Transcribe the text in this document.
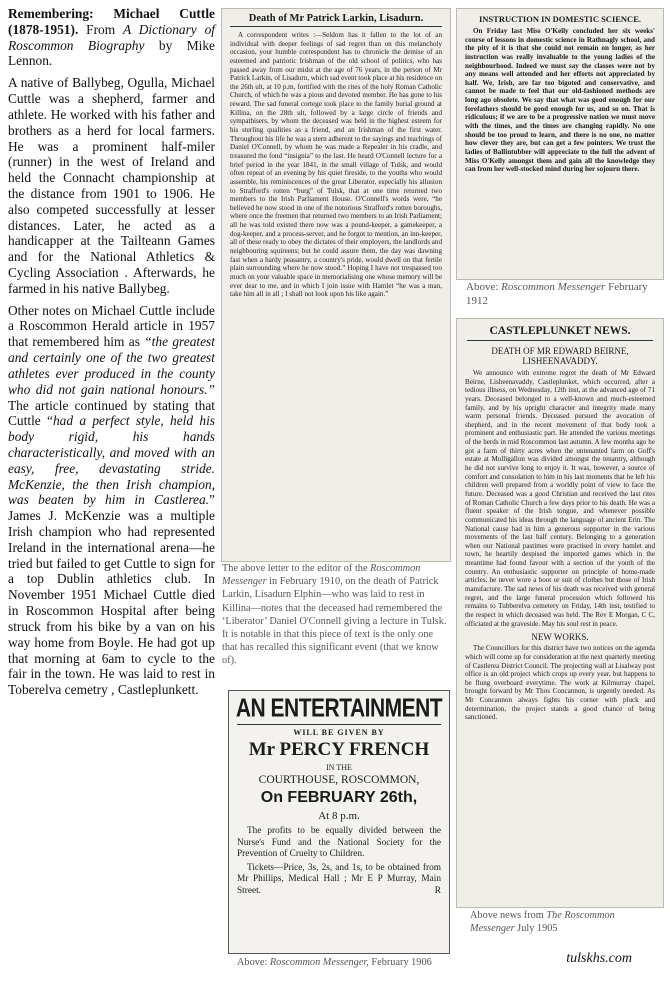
Remembering: Michael Cuttle (1878-1951). From A Dictionary of Roscommon Biography by Mike Lennon.

A native of Ballybeg, Ogulla, Michael Cuttle was a shepherd, farmer and athlete. He worked with his father and brothers as a herd for local farmers. He was a prominent half-miler (runner) in the west of Ireland and held the Connacht championship at the distance from 1901 to 1906. He also competed successfully at lesser distances. Later, he acted as a handicapper at the Tailteann Games and for the National Athletics & Cycling Association . Afterwards, he farmed in his native Ballybeg.

Other notes on Michael Cuttle include a Roscommon Herald article in 1957 that remembered him as “the greatest and certainly one of the two greatest athletes ever produced in the county who did not gain national honours.” The article continued by stating that Cuttle “had a perfect style, held his body rigid, his hands characteristically, and moved with an easy, free, devastating stride. McKenzie, the then Irish champion, was beaten by him in Castlerea.” James J. McKenzie was a multiple Irish champion who had represented Ireland in the international arena—he tried but failed to get Cuttle to sign for a top Dublin athletics club. In November 1951 Michael Cuttle died in Roscommon Hospital after being struck from his bike by a van on his way home from Boyle. He had got up that morning at 6am to cycle to the fair in the town. He was laid to rest in Toberelva cemetry , Castleplunkett.

Death of Mr Patrick Larkin, Lisadurn.

A correspondent writes :—Seldom has it fallen to the lot of an individual with deeper feelings of sad regret than on this melancholy occasion, your humble correspondent has to chronicle the demise of an esteemed and patriotic Irishman of the old school of politics, who has passed away from our midst at the age of 76 years, in the person of Mr Patrick Larkin, of Lisadurn, which sad event took place at his residence on the 26th ult, at 10 p.m, fortified with the rites of the holy Roman Catholic Church, of which he was a pious and devoted member. He has gone to his reward. The sad funeral cortege took place to the family burial ground at Killina, on the 28th ult, followed by a large circle of friends and sympathisers, by whom the deceased was held in the highest esteem for his sterling qualities as a friend, and an Irishman of the first water. Throughout his life he was a stern adherent to the sayings and teachings of Daniel O'Connell, by whom he was made a Repealer in his cradle, and treasured the fond “insignia” to the last. He heard O'Connell lecture for a brief period in the year 1841, in the small village of Tulsk, and would often repeat of an evening by his quiet fireside, to the youths who would assemble, his reminiscences of the great Liberator, especially his allusion to Strafford's rotten “burg” of Tulsk, that at one time returned two members to the Irish Parliament House. O'Connell's words were, “he believed he now stood in one of the notorious Strafford's rotten boroughs, where once the freemen that returned two members to an Irish Parliament; all he was told existed there now was a pound-keeper, a gamekeeper, a dog-keeper, and a process-server, and he forgot to mention, an inn-keeper, all of these ready to obey the dictates of their employers, the landlords and neighbouring squireens; but he could assure them, the day was dawning fast when a hardy peasantry, a country's pride, would dwell on that fertile plain surrounding where he now stood.” Hoping I have not trespassed too much on your valuable space in memorialising one whose memory will be ever dear to me, and in which I join issue with Hamlet “he was a man, take him all in all ; I shall not look upon his like again.”

The above letter to the editor of the Roscommon Messenger in February 1910, on the death of Patrick Larkin, Lisadurn Elphin—who was laid to rest in Killina—notes that the deceased had remembered the ‘Liberator’ Daniel O'Connell giving a lecture in Tulsk. It is notable in that this piece of text is the only one that has recalled this significant event (that we know of).
AN ENTERTAINMENT
WILL BE GIVEN BY
Mr PERCY FRENCH
IN THE
COURTHOUSE, ROSCOMMON,
On FEBRUARY 26th,
At 8 p.m.
The profits to be equally divided between the Nurse's Fund and the National Society for the Prevention of Cruelty to Children.
Tickets—Price, 3s, 2s, and 1s, to be obtained from Mr Phillips, Medical Hall ; Mr E P Murray, Main Street.	R
Above: Roscommon Messenger, February 1906
INSTRUCTION IN DOMESTIC SCIENCE.

On Friday last Miss O'Kelly concluded her six weeks' course of lessons in domestic science in Rathnagly school, and the pity of it is that she could not remain on longer, as her instruction was really invaluable to the young ladies of the neighbourhood. Indeed we must say the classes were not by any means well attended and her efforts not appreciated by half. We, Irish, are far too bigoted and conservative, and cannot be made to feel that our old-fashioned methods are long ago obsolete. We say that what was good enough for our forefathers should be good enough for us, and so on. That is ridiculous; if we are to be a progressive nation we must move with the times, and the times are changing rapidly. No one should be too proud to learn, and there is no one, no matter how clever they are, but can get a few pointers. We trust the ladies of Ballintubber will appreciate to the full the advent of Miss O'Kelly amongst them and gain all the knowledge they can from her well-stocked mind during her sojourn there.

Above: Roscommon Messenger February 1912
CASTLEPLUNKET NEWS.
DEATH OF MR EDWARD BEIRNE,
LISHEENAVADDY.

We announce with extreme regret the death of Mr Edward Beirne, Lisheenavaddy, Castleplunket, which occurred, after a tedious illness, on Wednesday, 12th inst, at the advanced age of 71 years. Deceased belonged to a well-known and much-esteemed family, and by his upright character and integrity made many warm personal friends. Deceased pursued the avocation of shepherd, and in the recent movement of that body took a prominent and enthusiastic part. He attended the various meetings of the herds in mid Roscommon last autumn. A few months ago he got a farm of thirty acres when the untenanted farm on Goff's estate at Mulligallon was divided amongst the tenantry, although he did not survive long to enjoy it. It was, however, a source of comfort and consolation to him in his last moments that he left his children well prepared from a worldly point of view to face the future. Deceased was a good Christian and received the last rites of Roman Catholic Church a few days prior to his death. He was a fluent speaker of the Irish tongue, and whenever possible communicated his ideas through the language of ancient Erin. The National cause had in him a generous supporter in the various movements of the last half century. Belonging to a generation when our National pastimes were practised in every hamlet and town, he heartily despised the imported games which in the meantime had found favour with a section of the youth of the country. An enthusiastic supporter on principle of home-made articles, he never wore a boot or suit of clothes but those of Irish manufacture. The sad news of his death was received with general regret, and the large funeral procession which followed his remains to Tubberelva cemetery on Friday, 14th inst, testified to the respect in which deceased was held. The Rev E Morgan, C C, officiated at the graveside. May his soul rest in peace.

NEW WORKS.

The Councillors for this district have two notices on the agenda which will come up for consideration at the next quarterly meeting of Castlerea District Council. The projecting wall at Lisalway post office is an old project which crops up every year, but happens to be flung overboard everytime. The work at Kilmurray chapel, brought forward by Mr Thos Concannon, is urgently needed. As Mr Concannon always fights his corner with pluck and determination, the project stands a good chance of being sanctioned.

Above news from The Roscommon Messenger July 1905
tulskhs.com
